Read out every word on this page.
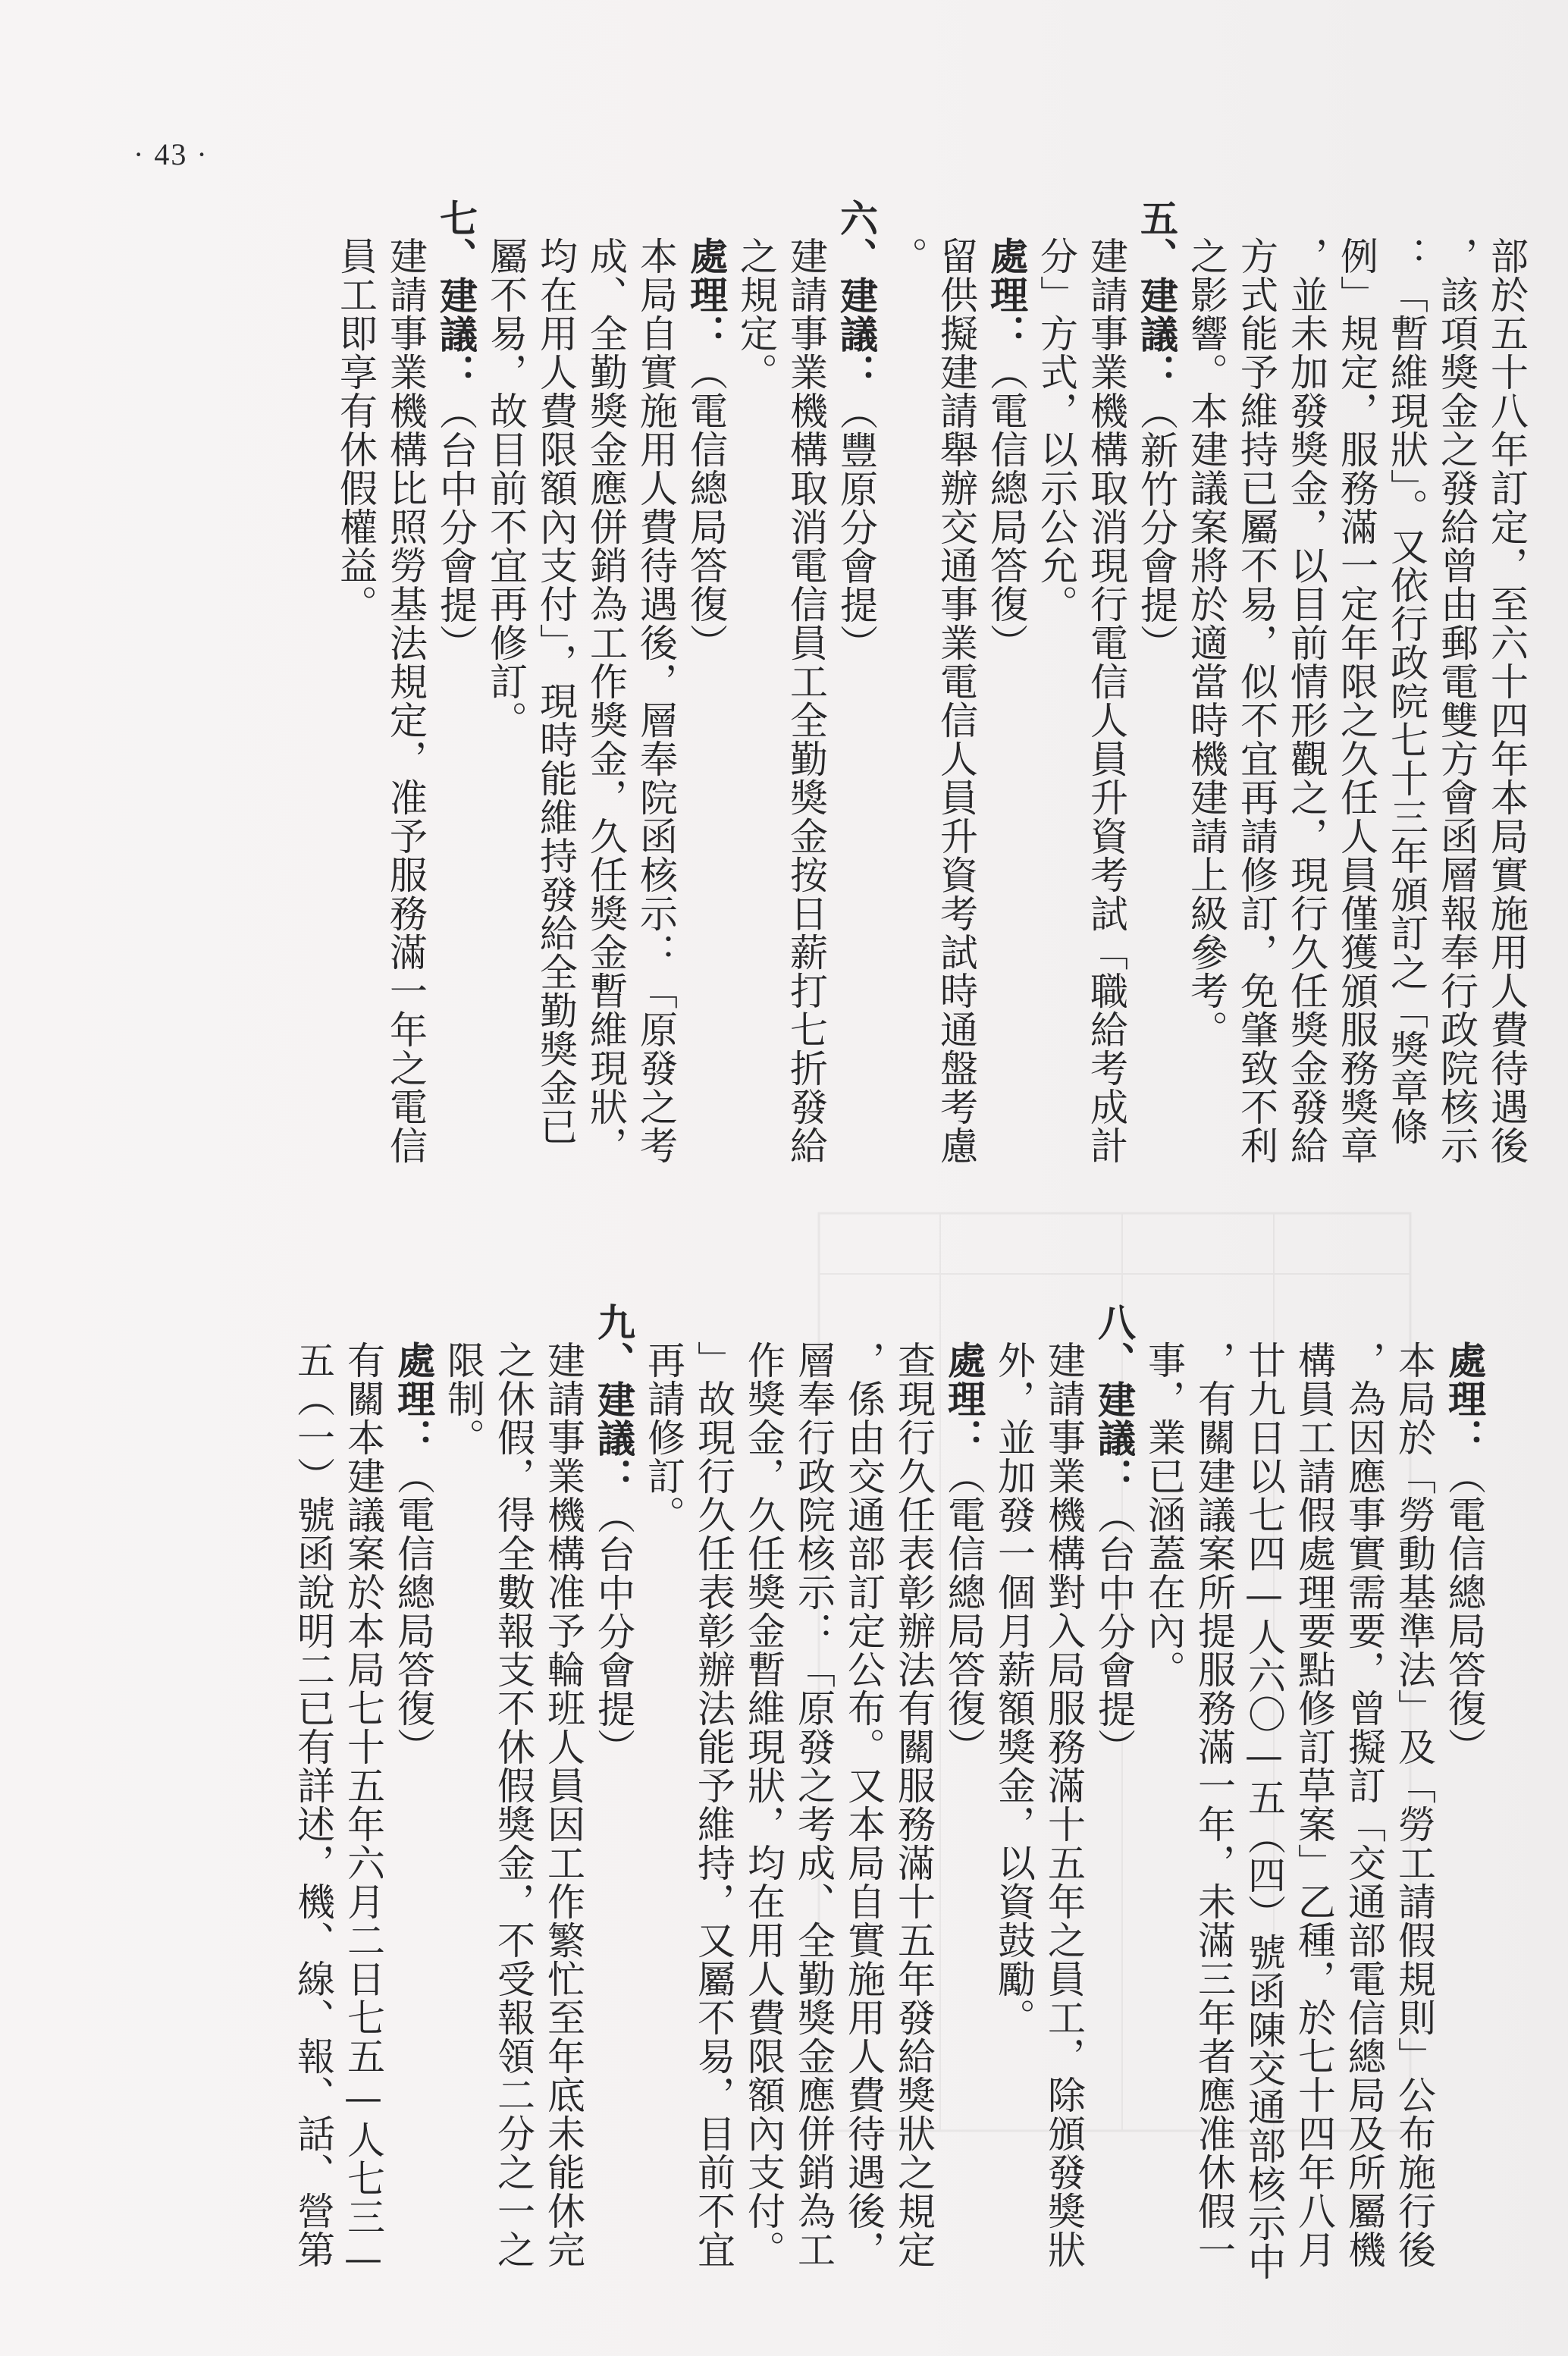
· 43 ·
部於五十八年訂定，至六十四年本局實施用人費待遇後
，該項獎金之發給曾由郵電雙方會函層報奉行政院核示
：「暫維現狀」。又依行政院七十三年頒訂之「獎章條
例」規定，服務滿一定年限之久任人員僅獲頒服務獎章
，並未加發獎金，以目前情形觀之，現行久任獎金發給
方式能予維持已屬不易，似不宜再請修訂，免肇致不利
之影響。本建議案將於適當時機建請上級參考。
五、建議：（新竹分會提）
建請事業機構取消現行電信人員升資考試「職給考成計
分」方式，以示公允。
處理：（電信總局答復）
留供擬建請舉辦交通事業電信人員升資考試時通盤考慮
。
六、建議：（豐原分會提）
建請事業機構取消電信員工全勤獎金按日薪打七折發給
之規定。
處理：（電信總局答復）
本局自實施用人費待遇後，層奉院函核示：「原發之考
成、全勤獎金應併銷為工作獎金，久任獎金暫維現狀，
均在用人費限額內支付」，現時能維持發給全勤獎金已
屬不易，故目前不宜再修訂。
七、建議：（台中分會提）
建請事業機構比照勞基法規定，准予服務滿一年之電信
員工即享有休假權益。
處理：（電信總局答復）
本局於「勞動基準法」及「勞工請假規則」公布施行後
，為因應事實需要，曾擬訂「交通部電信總局及所屬機
構員工請假處理要點修訂草案」乙種，於七十四年八月
廿九日以七四—人六〇—五（四）號函陳交通部核示中
，有關建議案所提服務滿一年，未滿三年者應准休假一
事，業已涵蓋在內。
八、建議：（台中分會提）
建請事業機構對入局服務滿十五年之員工，除頒發獎狀
外，並加發一個月薪額獎金，以資鼓勵。
處理：（電信總局答復）
查現行久任表彰辦法有關服務滿十五年發給獎狀之規定
，係由交通部訂定公布。又本局自實施用人費待遇後，
層奉行政院核示：「原發之考成、全勤獎金應併銷為工
作獎金，久任獎金暫維現狀，均在用人費限額內支付。
」故現行久任表彰辦法能予維持，又屬不易，目前不宜
再請修訂。
九、建議：（台中分會提）
建請事業機構准予輪班人員因工作繁忙至年底未能休完
之休假，得全數報支不休假獎金，不受報領二分之一之
限制。
處理：（電信總局答復）
有關本建議案於本局七十五年六月二日七五—人七三—
五（一）號函說明二已有詳述，機、線、報、話、營第
